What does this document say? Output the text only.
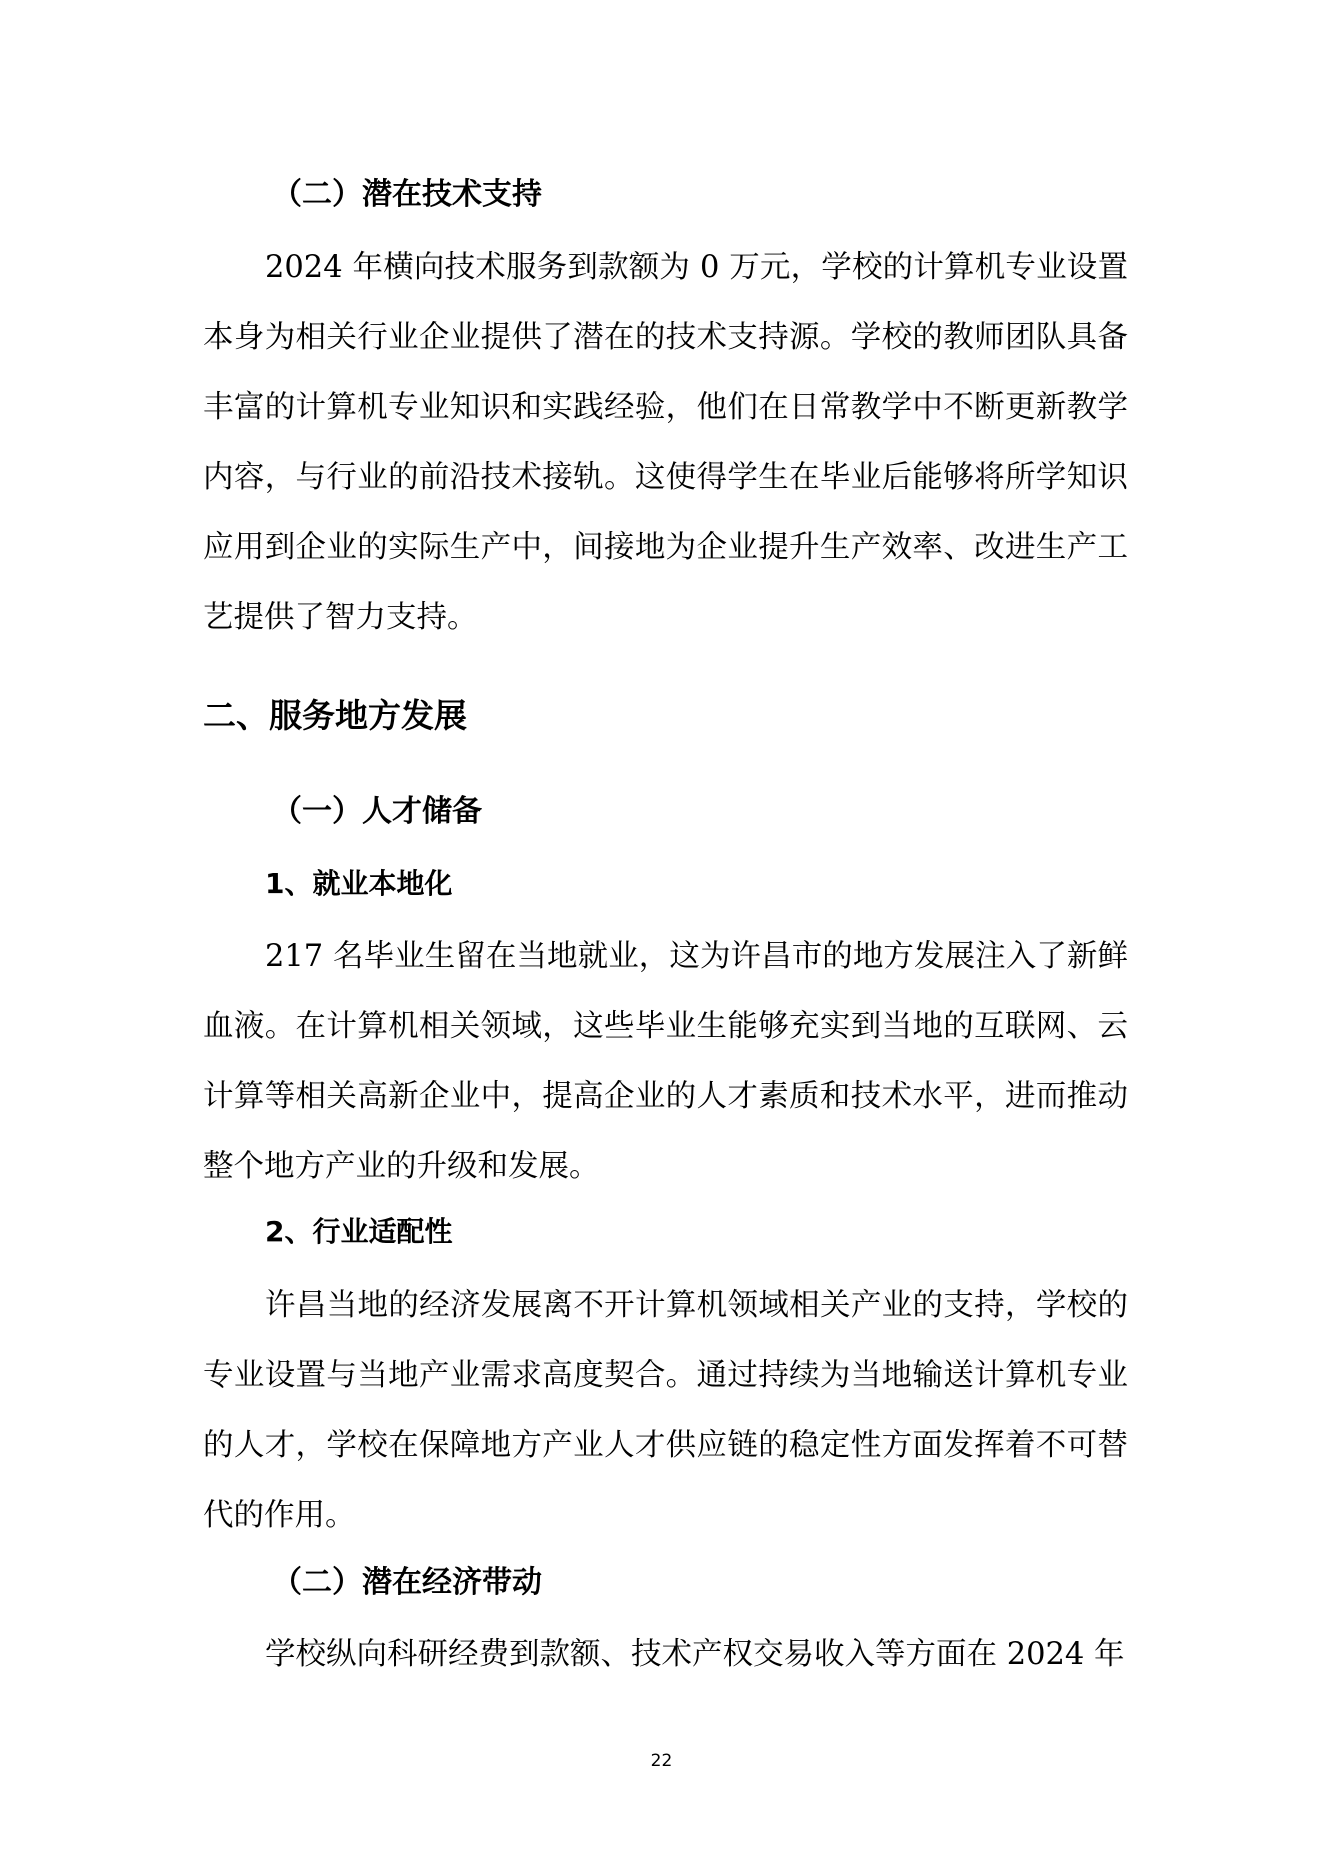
（二）潜在技术支持

2024 年横向技术服务到款额为 0 万元，学校的计算机专业设置本身为相关行业企业提供了潜在的技术支持源。学校的教师团队具备丰富的计算机专业知识和实践经验，他们在日常教学中不断更新教学内容，与行业的前沿技术接轨。这使得学生在毕业后能够将所学知识应用到企业的实际生产中，间接地为企业提升生产效率、改进生产工艺提供了智力支持。

二、服务地方发展
（一）人才储备
1、就业本地化

217 名毕业生留在当地就业，这为许昌市的地方发展注入了新鲜血液。在计算机相关领域，这些毕业生能够充实到当地的互联网、云计算等相关高新企业中，提高企业的人才素质和技术水平，进而推动整个地方产业的升级和发展。

2、行业适配性

许昌当地的经济发展离不开计算机领域相关产业的支持，学校的专业设置与当地产业需求高度契合。通过持续为当地输送计算机专业的人才，学校在保障地方产业人才供应链的稳定性方面发挥着不可替代的作用。

（二）潜在经济带动

学校纵向科研经费到款额、技术产权交易收入等方面在 2024 年

22
